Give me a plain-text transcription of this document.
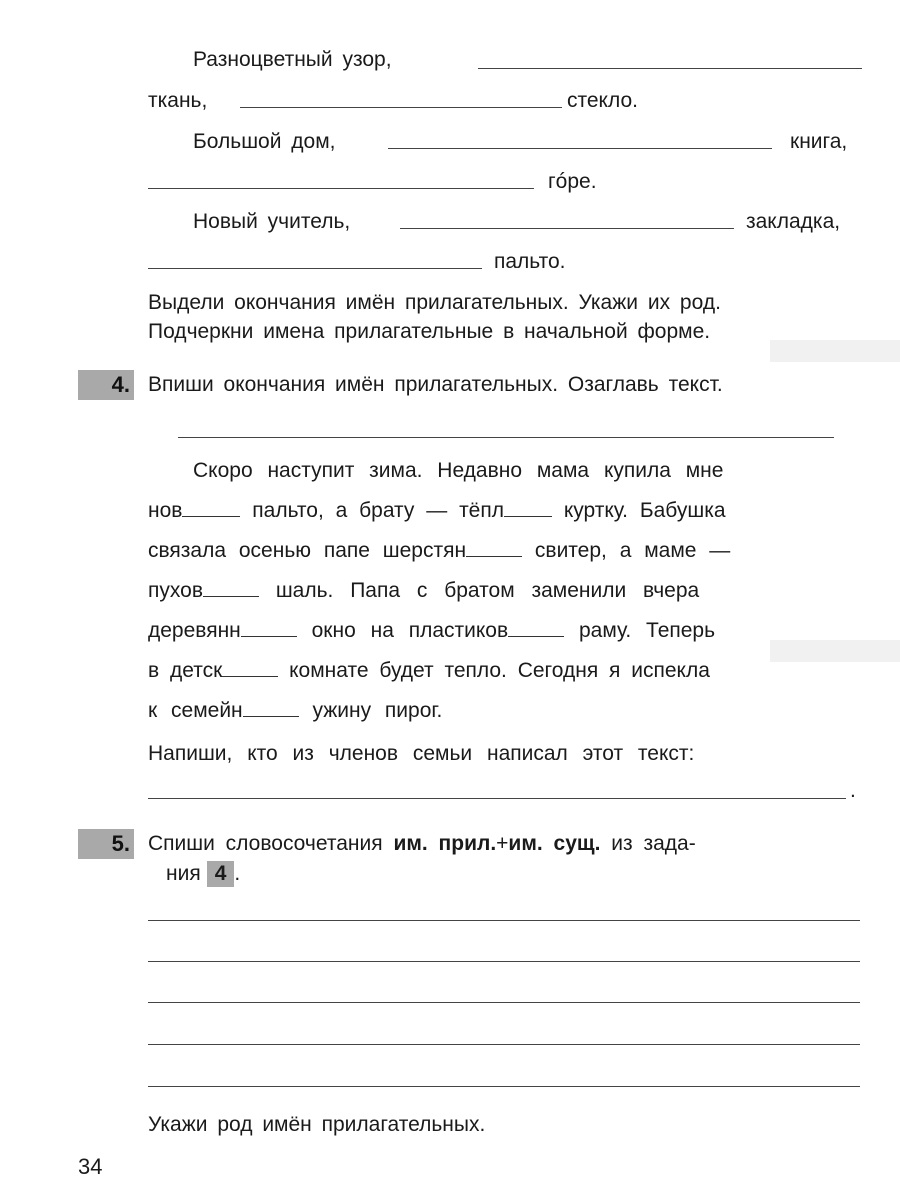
Разноцветный узор,
ткань,	стекло.
Большой дом,	книга,
гóре.
Новый учитель,	закладка,
пальто.
Выдели окончания имён прилагательных. Укажи их род.
Подчеркни имена прилагательные в начальной форме.
4. Впиши окончания имён прилагательных. Озаглавь текст.
Скоро наступит зима. Недавно мама купила мне
нов	пальто, а брату — тёпл куртку. Бабушка
связала осенью папе шерстян	свитер, а маме —
пухов	шаль. Папа с братом заменили вчера
деревянн	окно на пластиков	раму. Теперь
в детск	комнате будет тепло. Сегодня я испекла
к семейн	ужину пирог.
Напиши, кто из членов семьи написал этот текст:
.
5. Спиши словосочетания им. прил.+им. сущ. из зада-
ния 4 .
Укажи род имён прилагательных.
34
